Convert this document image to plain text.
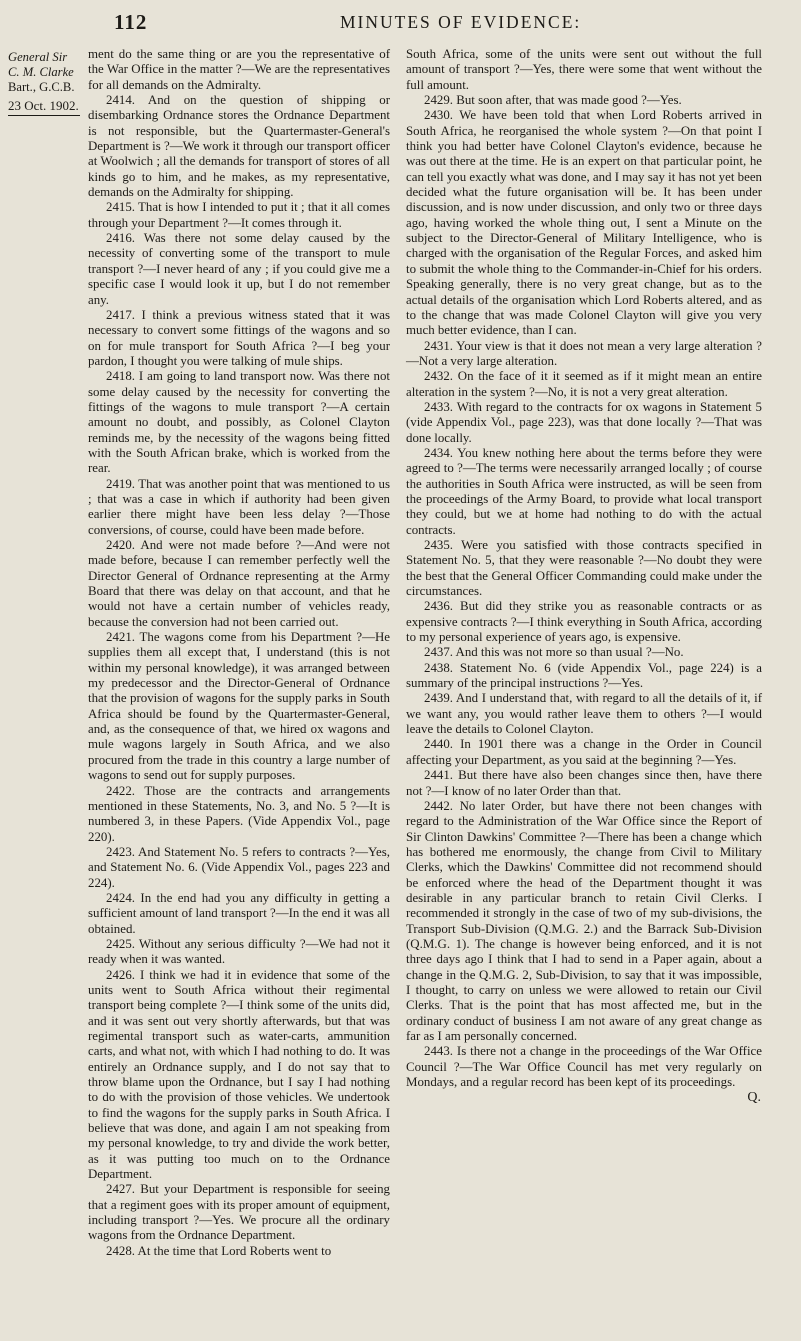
112	MINUTES OF EVIDENCE:
General Sir
C. M. Clarke
Bart., G.C.B.
23 Oct. 1902.

ment do the same thing or are you the representative of the War Office in the matter ?—We are the representatives for all demands on the Admiralty.

2414. And on the question of shipping or disembarking Ordnance stores the Ordnance Department is not responsible, but the Quartermaster-General's Department is ?—We work it through our transport officer at Woolwich ; all the demands for transport of stores of all kinds go to him, and he makes, as my representative, demands on the Admiralty for shipping.

2415. That is how I intended to put it ; that it all comes through your Department ?—It comes through it.

2416. Was there not some delay caused by the necessity of converting some of the transport to mule transport ?—I never heard of any ; if you could give me a specific case I would look it up, but I do not remember any.

2417. I think a previous witness stated that it was necessary to convert some fittings of the wagons and so on for mule transport for South Africa ?—I beg your pardon, I thought you were talking of mule ships.

2418. I am going to land transport now. Was there not some delay caused by the necessity for converting the fittings of the wagons to mule transport ?—A certain amount no doubt, and possibly, as Colonel Clayton reminds me, by the necessity of the wagons being fitted with the South African brake, which is worked from the rear.

2419. That was another point that was mentioned to us ; that was a case in which if authority had been given earlier there might have been less delay ?—Those conversions, of course, could have been made before.

2420. And were not made before ?—And were not made before, because I can remember perfectly well the Director General of Ordnance representing at the Army Board that there was delay on that account, and that he would not have a certain number of vehicles ready, because the conversion had not been carried out.

2421. The wagons come from his Department ?—He supplies them all except that, I understand (this is not within my personal knowledge), it was arranged between my predecessor and the Director-General of Ordnance that the provision of wagons for the supply parks in South Africa should be found by the Quartermaster-General, and, as the consequence of that, we hired ox wagons and mule wagons largely in South Africa, and we also procured from the trade in this country a large number of wagons to send out for supply purposes.

2422. Those are the contracts and arrangements mentioned in these Statements, No. 3, and No. 5 ?—It is numbered 3, in these Papers. (Vide Appendix Vol., page 220).

2423. And Statement No. 5 refers to contracts ?—Yes, and Statement No. 6. (Vide Appendix Vol., pages 223 and 224).

2424. In the end had you any difficulty in getting a sufficient amount of land transport ?—In the end it was all obtained.

2425. Without any serious difficulty ?—We had not it ready when it was wanted.

2426. I think we had it in evidence that some of the units went to South Africa without their regimental transport being complete ?—I think some of the units did, and it was sent out very shortly afterwards, but that was regimental transport such as water-carts, ammunition carts, and what not, with which I had nothing to do. It was entirely an Ordnance supply, and I do not say that to throw blame upon the Ordnance, but I say I had nothing to do with the provision of those vehicles. We undertook to find the wagons for the supply parks in South Africa. I believe that was done, and again I am not speaking from my personal knowledge, to try and divide the work better, as it was putting too much on to the Ordnance Department.

2427. But your Department is responsible for seeing that a regiment goes with its proper amount of equipment, including transport ?—Yes. We procure all the ordinary wagons from the Ordnance Department.

2428. At the time that Lord Roberts went to

South Africa, some of the units were sent out without the full amount of transport ?—Yes, there were some that went without the full amount.

2429. But soon after, that was made good ?—Yes.

2430. We have been told that when Lord Roberts arrived in South Africa, he reorganised the whole system ?—On that point I think you had better have Colonel Clayton's evidence, because he was out there at the time. He is an expert on that particular point, he can tell you exactly what was done, and I may say it has not yet been decided what the future organisation will be. It has been under discussion, and is now under discussion, and only two or three days ago, having worked the whole thing out, I sent a Minute on the subject to the Director-General of Military Intelligence, who is charged with the organisation of the Regular Forces, and asked him to submit the whole thing to the Commander-in-Chief for his orders. Speaking generally, there is no very great change, but as to the actual details of the organisation which Lord Roberts altered, and as to the change that was made Colonel Clayton will give you very much better evidence, than I can.

2431. Your view is that it does not mean a very large alteration ?—Not a very large alteration.

2432. On the face of it it seemed as if it might mean an entire alteration in the system ?—No, it is not a very great alteration.

2433. With regard to the contracts for ox wagons in Statement 5 (vide Appendix Vol., page 223), was that done locally ?—That was done locally.

2434. You knew nothing here about the terms before they were agreed to ?—The terms were necessarily arranged locally ; of course the authorities in South Africa were instructed, as will be seen from the proceedings of the Army Board, to provide what local transport they could, but we at home had nothing to do with the actual contracts.

2435. Were you satisfied with those contracts specified in Statement No. 5, that they were reasonable ?—No doubt they were the best that the General Officer Commanding could make under the circumstances.

2436. But did they strike you as reasonable contracts or as expensive contracts ?—I think everything in South Africa, according to my personal experience of years ago, is expensive.

2437. And this was not more so than usual ?—No.

2438. Statement No. 6 (vide Appendix Vol., page 224) is a summary of the principal instructions ?—Yes.

2439. And I understand that, with regard to all the details of it, if we want any, you would rather leave them to others ?—I would leave the details to Colonel Clayton.

2440. In 1901 there was a change in the Order in Council affecting your Department, as you said at the beginning ?—Yes.

2441. But there have also been changes since then, have there not ?—I know of no later Order than that.

2442. No later Order, but have there not been changes with regard to the Administration of the War Office since the Report of Sir Clinton Dawkins' Committee ?—There has been a change which has bothered me enormously, the change from Civil to Military Clerks, which the Dawkins' Committee did not recommend should be enforced where the head of the Department thought it was desirable in any particular branch to retain Civil Clerks. I recommended it strongly in the case of two of my sub-divisions, the Transport Sub-Division (Q.M.G. 2.) and the Barrack Sub-Division (Q.M.G. 1). The change is however being enforced, and it is not three days ago I think that I had to send in a Paper again, about a change in the Q.M.G. 2, Sub-Division, to say that it was impossible, I thought, to carry on unless we were allowed to retain our Civil Clerks. That is the point that has most affected me, but in the ordinary conduct of business I am not aware of any great change as far as I am personally concerned.

2443. Is there not a change in the proceedings of the War Office Council ?—The War Office Council has met very regularly on Mondays, and a regular record has been kept of its proceedings.

Q.
